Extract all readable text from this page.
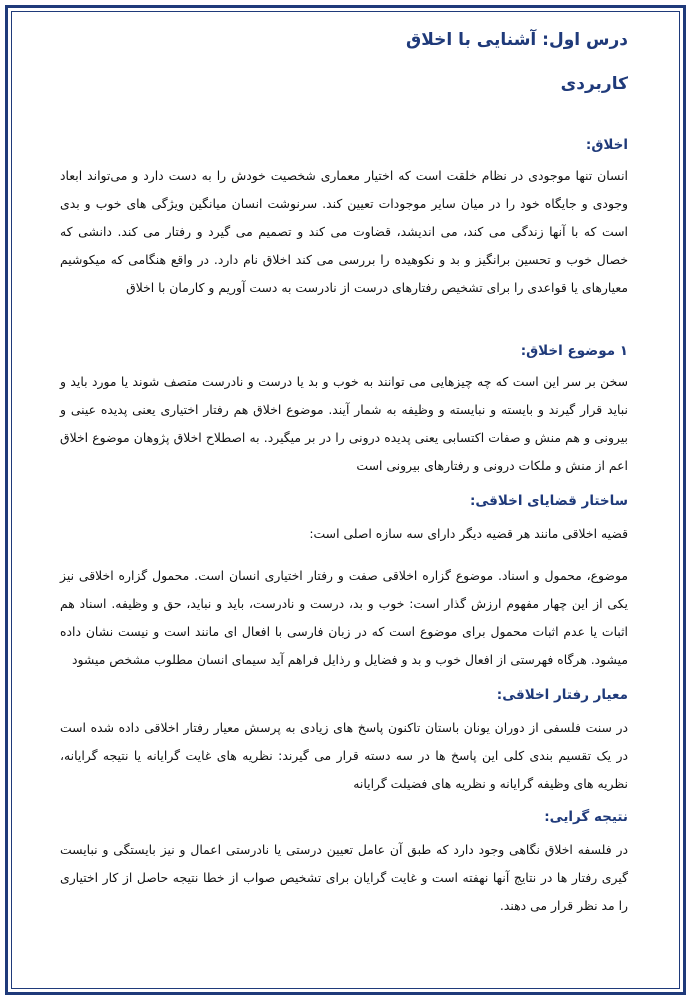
درس اول: آشنایی با اخلاق
کاربردی
اخلاق:

انسان تنها موجودی در نظام خلقت است که اختیار معماری شخصیت خودش را به دست دارد و می‌تواند ابعاد وجودی و جایگاه خود را در میان سایر موجودات تعیین کند. سرنوشت انسان میانگین ویژگی های خوب و بدی است که با آنها زندگی می کند، می اندیشد، قضاوت می کند و تصمیم می گیرد و رفتار می کند. دانشی که خصال خوب و تحسین برانگیز و بد و نکوهیده را بررسی می کند اخلاق نام دارد. در واقع هنگامی که میکوشیم معیارهای یا قواعدی را برای تشخیص رفتارهای درست از نادرست به دست آوریم و کارمان با اخلاق

۱ موضوع اخلاق:

سخن بر سر این است که چه چیزهایی می توانند به خوب و بد یا درست و نادرست متصف شوند یا مورد باید و نباید قرار گیرند و بایسته و نبایسته و وظیفه به شمار آیند. موضوع اخلاق هم رفتار اختیاری یعنی پدیده عینی و بیرونی و هم منش و صفات اکتسابی یعنی پدیده درونی را در بر میگیرد. به اصطلاح اخلاق پژوهان موضوع اخلاق اعم از منش و ملکات درونی و رفتارهای بیرونی است

ساختار قضایای اخلاقی:

قضیه اخلاقی مانند هر قضیه دیگر دارای سه سازه اصلی است:

موضوع، محمول و اسناد. موضوع گزاره اخلاقی صفت و رفتار اختیاری انسان است. محمول گزاره اخلاقی نیز یکی از این چهار مفهوم ارزش گذار است: خوب و بد، درست و نادرست، باید و نباید، حق و وظیفه. اسناد هم اثبات یا عدم اثبات محمول برای موضوع است که در زبان فارسی با افعال ای مانند است و نیست نشان داده میشود. هرگاه فهرستی از افعال خوب و بد و فضایل و رذایل فراهم آید سیمای انسان مطلوب مشخص میشود

معیار رفتار اخلاقی:

در سنت فلسفی از دوران یونان باستان تاکنون پاسخ های زیادی به پرسش معیار رفتار اخلاقی داده شده است در یک تقسیم بندی کلی این پاسخ ها در سه دسته قرار می گیرند: نظریه های غایت گرایانه یا نتیجه گرایانه، نظریه های وظیفه گرایانه و نظریه های فضیلت گرایانه

نتیجه گرایی:

در فلسفه اخلاق نگاهی وجود دارد که طبق آن عامل تعیین درستی یا نادرستی اعمال و نیز بایستگی و نبایست گیری رفتار ها در نتایج آنها نهفته است و غایت گرایان برای تشخیص صواب از خطا نتیجه حاصل از کار اختیاری را مد نظر قرار می دهند.
